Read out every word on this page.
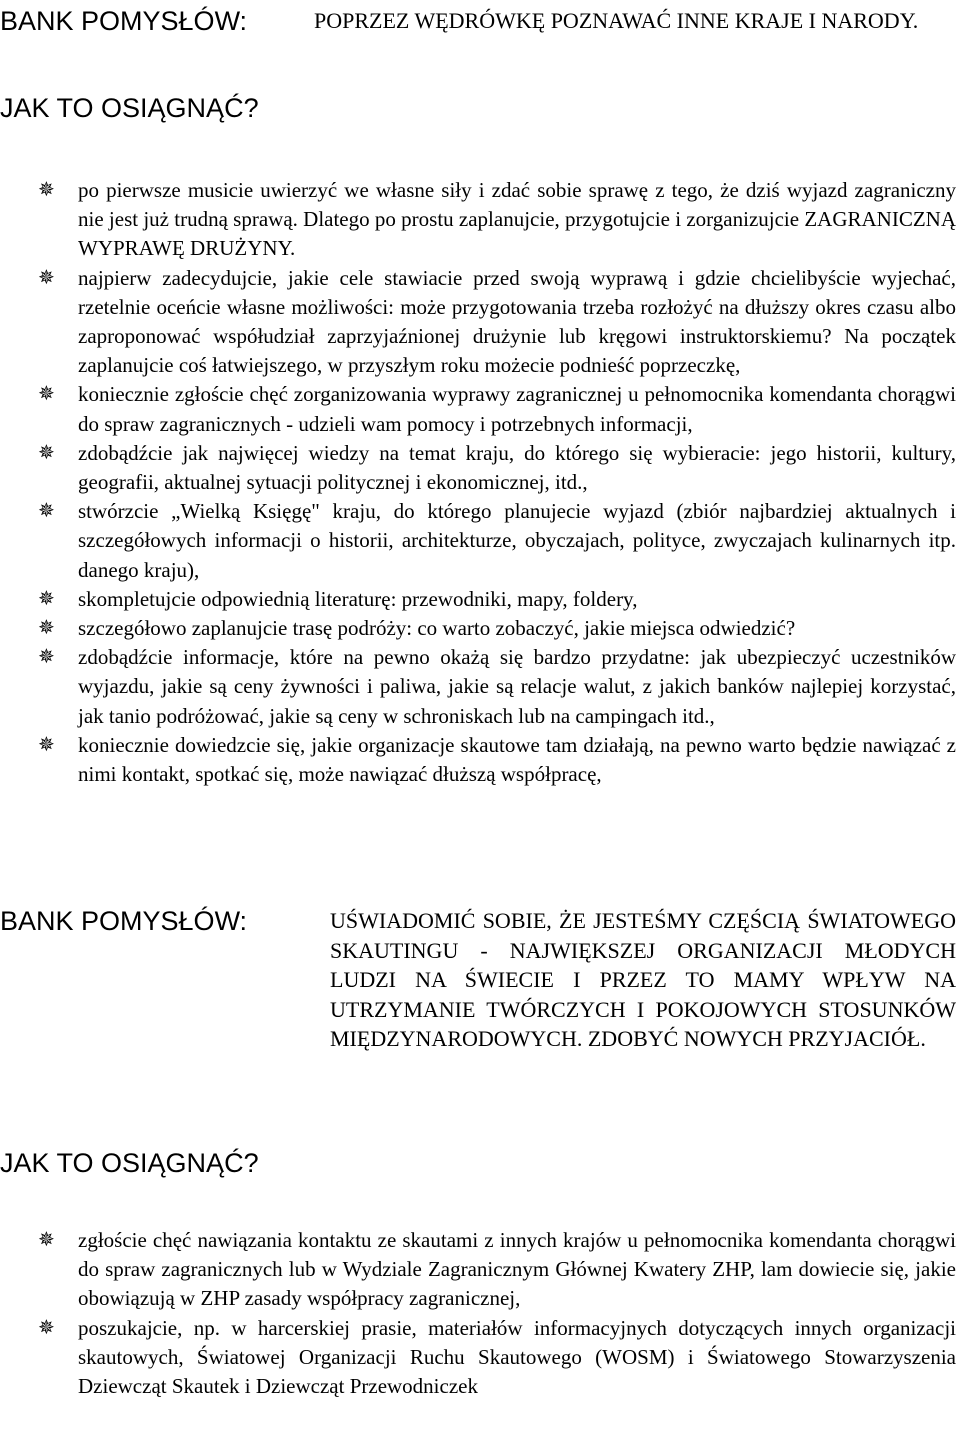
BANK POMYSŁÓW:	POPRZEZ WĘDRÓWKĘ POZNAWAĆ INNE KRAJE I NARODY.
JAK TO OSIĄGNĄĆ?
✵ po pierwsze musicie uwierzyć we własne siły i zdać sobie sprawę z tego, że dziś wyjazd zagraniczny nie jest już trudną sprawą. Dlatego po prostu zaplanujcie, przygotujcie i zorganizujcie ZAGRANICZNĄ WYPRAWĘ DRUŻYNY.
✵ najpierw zadecydujcie, jakie cele stawiacie przed swoją wyprawą i gdzie chcielibyście wyjechać, rzetelnie oceńcie własne możliwości: może przygotowania trzeba rozłożyć na dłuższy okres czasu albo zaproponować współudział zaprzyjaźnionej drużynie lub kręgowi instruktorskiemu? Na początek zaplanujcie coś łatwiejszego, w przyszłym roku możecie podnieść poprzeczkę,
✵ koniecznie zgłoście chęć zorganizowania wyprawy zagranicznej u pełnomocnika komendanta chorągwi do spraw zagranicznych - udzieli wam pomocy i potrzebnych informacji,
✵ zdobądźcie jak najwięcej wiedzy na temat kraju, do którego się wybieracie: jego historii, kultury, geografii, aktualnej sytuacji politycznej i ekonomicznej, itd.,
✵ stwórzcie „Wielką Księgę" kraju, do którego planujecie wyjazd (zbiór najbardziej aktualnych i szczegółowych informacji o historii, architekturze, obyczajach, polityce, zwyczajach kulinarnych itp. danego kraju),
✵ skompletujcie odpowiednią literaturę: przewodniki, mapy, foldery,
✵ szczegółowo zaplanujcie trasę podróży: co warto zobaczyć, jakie miejsca odwiedzić?
✵ zdobądźcie informacje, które na pewno okażą się bardzo przydatne: jak ubezpieczyć uczestników wyjazdu, jakie są ceny żywności i paliwa, jakie są relacje walut, z jakich banków najlepiej korzystać, jak tanio podróżować, jakie są ceny w schroniskach lub na campingach itd.,
✵ koniecznie dowiedzcie się, jakie organizacje skautowe tam działają, na pewno warto będzie nawiązać z nimi kontakt, spotkać się, może nawiązać dłuższą współpracę,
BANK POMYSŁÓW:	UŚWIADOMIĆ SOBIE, ŻE JESTEŚMY CZĘŚCIĄ ŚWIATOWEGO SKAUTINGU - NAJWIĘKSZEJ ORGANIZACJI MŁODYCH LUDZI NA ŚWIECIE I PRZEZ TO MAMY WPŁYW NA UTRZYMANIE TWÓRCZYCH I POKOJOWYCH STOSUNKÓW MIĘDZYNARODOWYCH. ZDOBYĆ NOWYCH PRZYJACIÓŁ.
JAK TO OSIĄGNĄĆ?
✵ zgłoście chęć nawiązania kontaktu ze skautami z innych krajów u pełnomocnika komendanta chorągwi do spraw zagranicznych lub w Wydziale Zagranicznym Głównej Kwatery ZHP, lam dowiecie się, jakie obowiązują w ZHP zasady współpracy zagranicznej,
✵ poszukajcie, np. w harcerskiej prasie, materiałów informacyjnych dotyczących innych organizacji skautowych, Światowej Organizacji Ruchu Skautowego (WOSM) i Światowego Stowarzyszenia Dziewcząt Skautek i Dziewcząt Przewodniczek
